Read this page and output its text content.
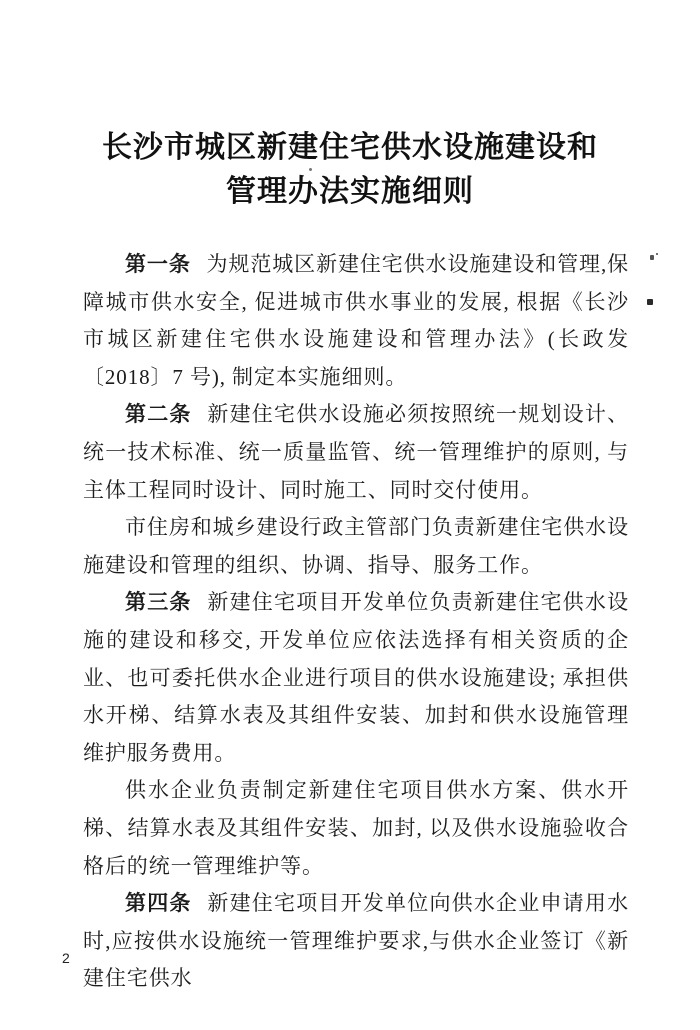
长沙市城区新建住宅供水设施建设和
管理办法实施细则

第一条 为规范城区新建住宅供水设施建设和管理,保障城市供水安全, 促进城市供水事业的发展, 根据《长沙市城区新建住宅供水设施建设和管理办法》(长政发〔2018〕7 号), 制定本实施细则。

第二条 新建住宅供水设施必须按照统一规划设计、统一技术标准、统一质量监管、统一管理维护的原则, 与主体工程同时设计、同时施工、同时交付使用。

市住房和城乡建设行政主管部门负责新建住宅供水设施建设和管理的组织、协调、指导、服务工作。

第三条 新建住宅项目开发单位负责新建住宅供水设施的建设和移交, 开发单位应依法选择有相关资质的企业、也可委托供水企业进行项目的供水设施建设; 承担供水开梯、结算水表及其组件安装、加封和供水设施管理维护服务费用。

供水企业负责制定新建住宅项目供水方案、供水开梯、结算水表及其组件安装、加封, 以及供水设施验收合格后的统一管理维护等。

第四条 新建住宅项目开发单位向供水企业申请用水时,应按供水设施统一管理维护要求,与供水企业签订《新建住宅供水

2
